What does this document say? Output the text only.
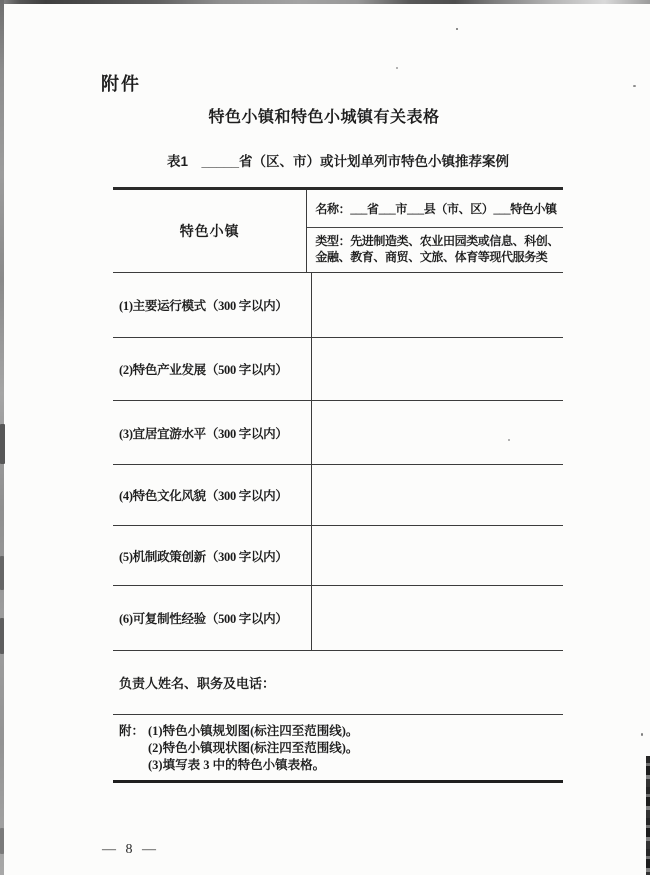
附件
特色小镇和特色小城镇有关表格
表1　_____省（区、市）或计划单列市特色小镇推荐案例
特色小镇
名称：___省___市___县（市、区）___特色小镇
类型：先进制造类、农业田园类或信息、科创、
金融、教育、商贸、文旅、体育等现代服务类
(1)主要运行模式（300 字以内）
(2)特色产业发展（500 字以内）
(3)宜居宜游水平（300 字以内）
(4)特色文化风貌（300 字以内）
(5)机制政策创新（300 字以内）
(6)可复制性经验（500 字以内）
负责人姓名、职务及电话：
附： (1)特色小镇规划图(标注四至范围线)。
(2)特色小镇现状图(标注四至范围线)。
(3)填写表 3 中的特色小镇表格。
— 8 —
